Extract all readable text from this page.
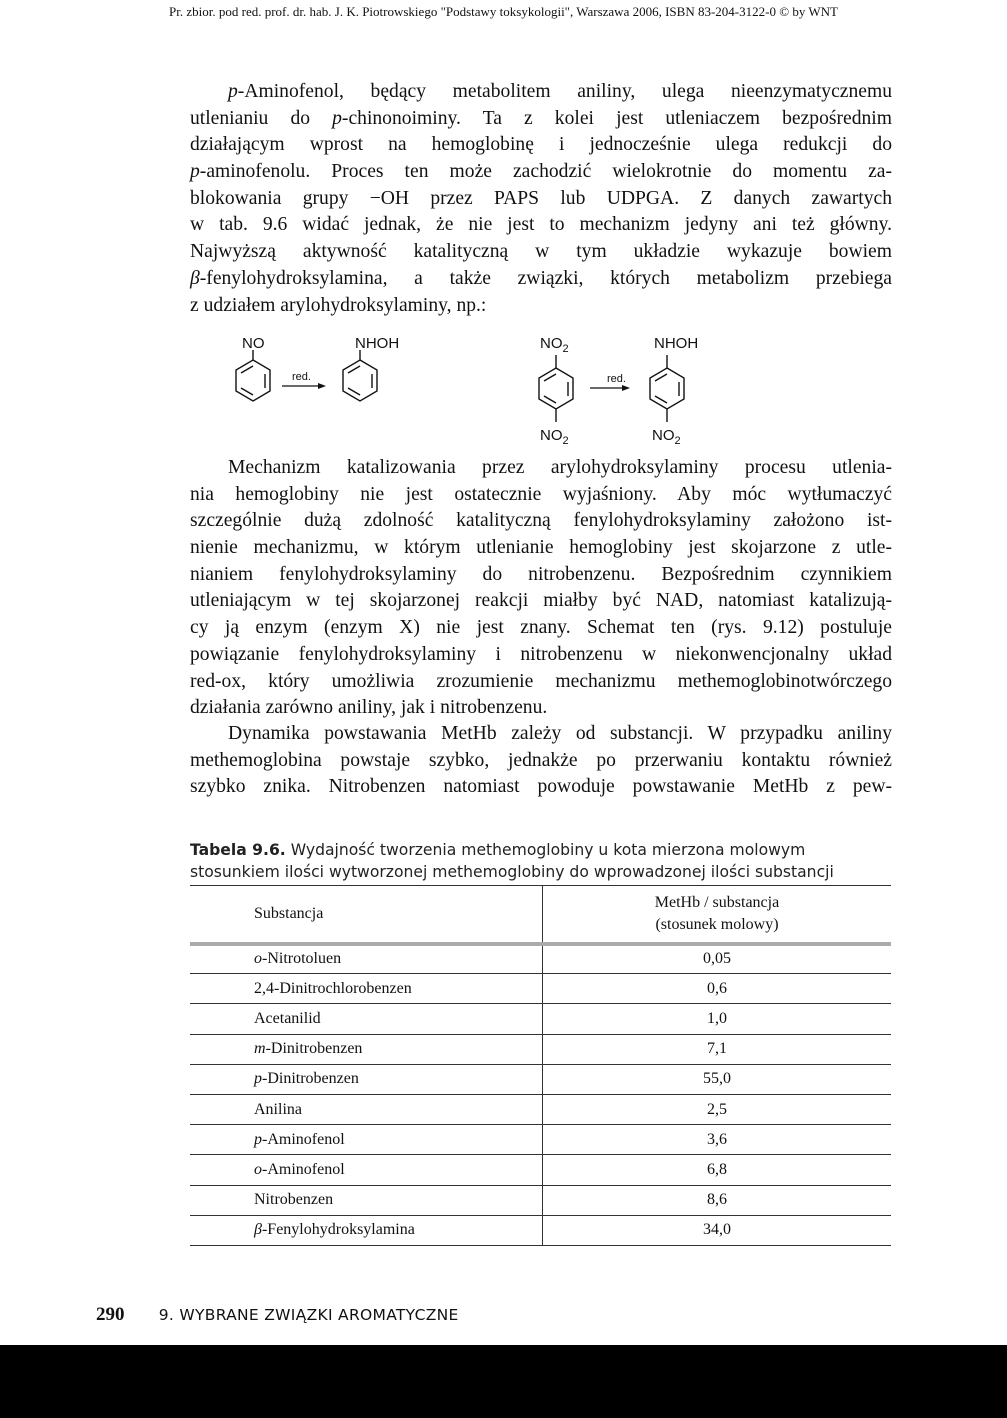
Pr. zbior. pod red. prof. dr. hab. J. K. Piotrowskiego "Podstawy toksykologii", Warszawa 2006, ISBN 83-204-3122-0 © by WNT
p-Aminofenol, będący metabolitem aniliny, ulega nieenzymatycznemu
utlenianiu do p-chinonoiminy. Ta z kolei jest utleniaczem bezpośrednim
działającym wprost na hemoglobinę i jednocześnie ulega redukcji do
p-aminofenolu. Proces ten może zachodzić wielokrotnie do momentu za-
blokowania grupy −OH przez PAPS lub UDPGA. Z danych zawartych
w tab. 9.6 widać jednak, że nie jest to mechanizm jedyny ani też główny.
Najwyższą aktywność katalityczną w tym układzie wykazuje bowiem
β-fenylohydroksylamina, a także związki, których metabolizm przebiega
z udziałem arylohydroksylaminy, np.:
NO
red.
NHOH	$NO_2$
$NO_2$
red.
NHOH
$NO_2$
Mechanizm katalizowania przez arylohydroksylaminy procesu utlenia-
nia hemoglobiny nie jest ostatecznie wyjaśniony. Aby móc wytłumaczyć
szczególnie dużą zdolność katalityczną fenylohydroksylaminy założono ist-
nienie mechanizmu, w którym utlenianie hemoglobiny jest skojarzone z utle-
nianiem fenylohydroksylaminy do nitrobenzenu. Bezpośrednim czynnikiem
utleniającym w tej skojarzonej reakcji miałby być NAD, natomiast katalizują-
cy ją enzym (enzym X) nie jest znany. Schemat ten (rys. 9.12) postuluje
powiązanie fenylohydroksylaminy i nitrobenzenu w niekonwencjonalny układ
red-ox, który umożliwia zrozumienie mechanizmu methemoglobinotwórczego
działania zarówno aniliny, jak i nitrobenzenu.
Dynamika powstawania MetHb zależy od substancji. W przypadku aniliny
methemoglobina powstaje szybko, jednakże po przerwaniu kontaktu również
szybko znika. Nitrobenzen natomiast powoduje powstawanie MetHb z pew-
Tabela 9.6. Wydajność tworzenia methemoglobiny u kota mierzona molowym
stosunkiem ilości wytworzonej methemoglobiny do wprowadzonej ilości substancji
Substancja	MetHb / substancja
(stosunek molowy)

o-Nitrotoluen	0,05
2,4-Dinitrochlorobenzen	0,6
Acetanilid	1,0
m-Dinitrobenzen	7,1
p-Dinitrobenzen	55,0
Anilina	2,5
p-Aminofenol	3,6
o-Aminofenol	6,8
Nitrobenzen	8,6
β-Fenylohydroksylamina	34,0
290 9. WYBRANE ZWIĄZKI AROMATYCZNE
